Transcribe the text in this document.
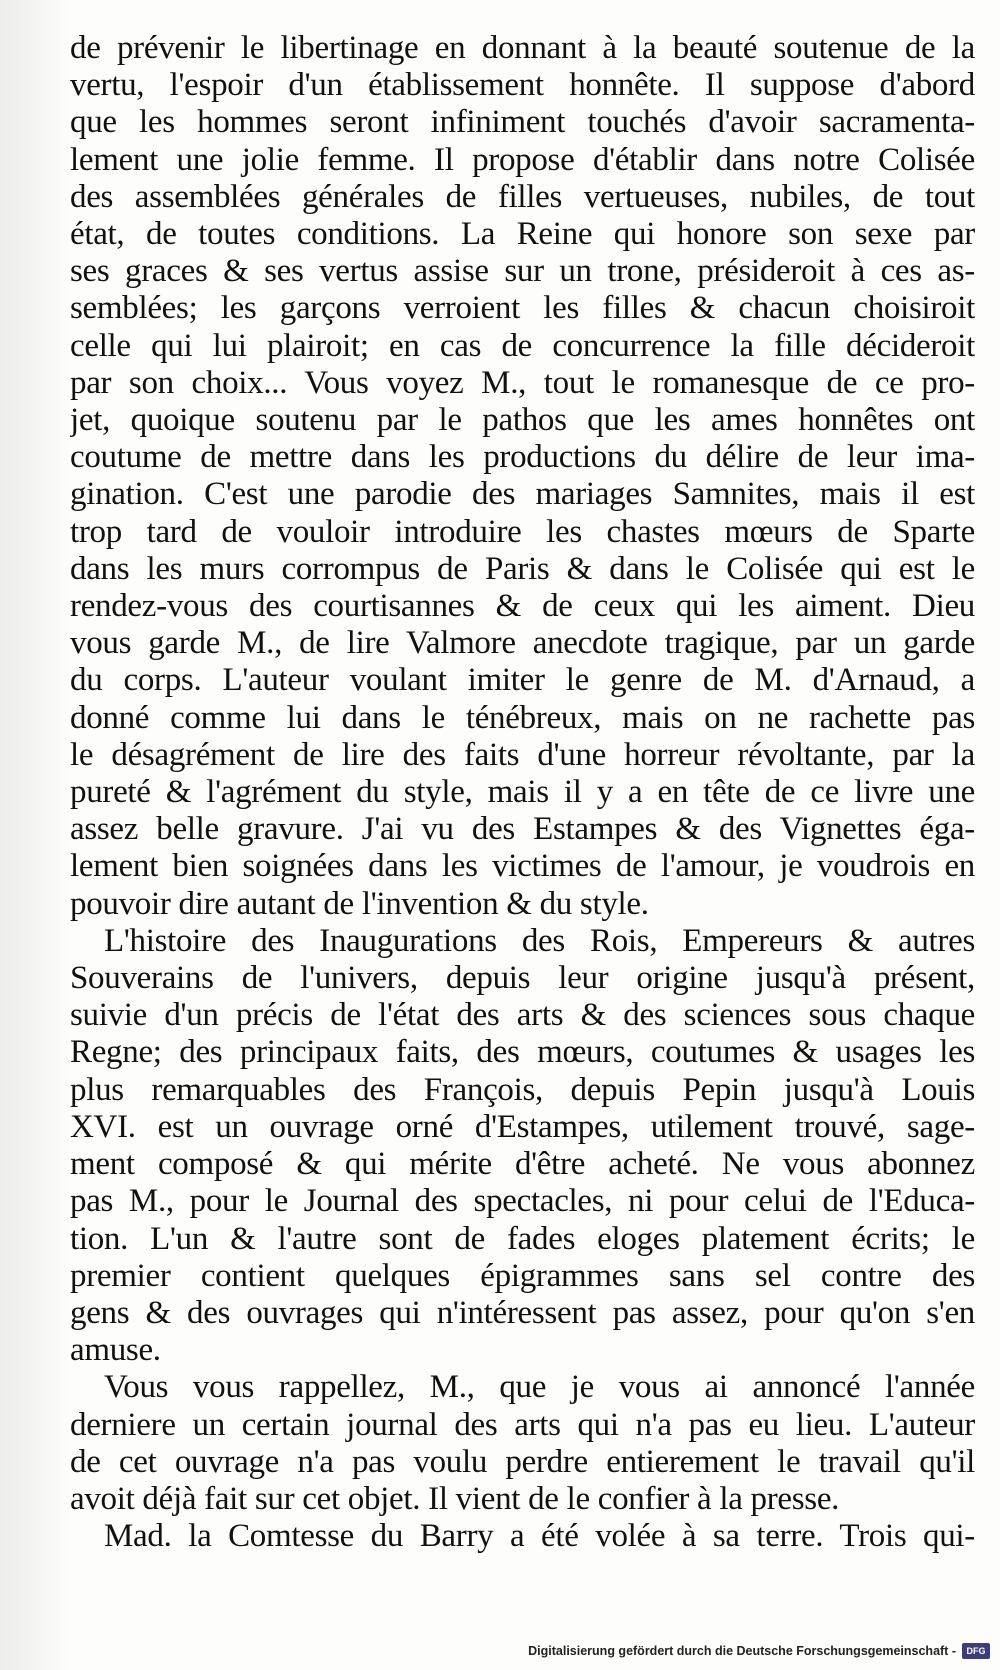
de prévenir le libertinage en donnant à la beauté soutenue de la
vertu, l'espoir d'un établissement honnête. Il suppose d'abord
que les hommes seront infiniment touchés d'avoir sacramenta-
lement une jolie femme. Il propose d'établir dans notre Colisée
des assemblées générales de filles vertueuses, nubiles, de tout
état, de toutes conditions. La Reine qui honore son sexe par
ses graces & ses vertus assise sur un trone, présideroit à ces as-
semblées; les garçons verroient les filles & chacun choisiroit
celle qui lui plairoit; en cas de concurrence la fille décideroit
par son choix... Vous voyez M., tout le romanesque de ce pro-
jet, quoique soutenu par le pathos que les ames honnêtes ont
coutume de mettre dans les productions du délire de leur ima-
gination. C'est une parodie des mariages Samnites, mais il est
trop tard de vouloir introduire les chastes mœurs de Sparte
dans les murs corrompus de Paris & dans le Colisée qui est le
rendez-vous des courtisannes & de ceux qui les aiment. Dieu
vous garde M., de lire Valmore anecdote tragique, par un garde
du corps. L'auteur voulant imiter le genre de M. d'Arnaud, a
donné comme lui dans le ténébreux, mais on ne rachette pas
le désagrément de lire des faits d'une horreur révoltante, par la
pureté & l'agrément du style, mais il y a en tête de ce livre une
assez belle gravure. J'ai vu des Estampes & des Vignettes éga-
lement bien soignées dans les victimes de l'amour, je voudrois en
pouvoir dire autant de l'invention & du style.
L'histoire des Inaugurations des Rois, Empereurs & autres
Souverains de l'univers, depuis leur origine jusqu'à présent,
suivie d'un précis de l'état des arts & des sciences sous chaque
Regne; des principaux faits, des mœurs, coutumes & usages les
plus remarquables des François, depuis Pepin jusqu'à Louis
XVI. est un ouvrage orné d'Estampes, utilement trouvé, sage-
ment composé & qui mérite d'être acheté. Ne vous abonnez
pas M., pour le Journal des spectacles, ni pour celui de l'Educa-
tion. L'un & l'autre sont de fades eloges platement écrits; le
premier contient quelques épigrammes sans sel contre des
gens & des ouvrages qui n'intéressent pas assez, pour qu'on s'en
amuse.
Vous vous rappellez, M., que je vous ai annoncé l'année
derniere un certain journal des arts qui n'a pas eu lieu. L'auteur
de cet ouvrage n'a pas voulu perdre entierement le travail qu'il
avoit déjà fait sur cet objet. Il vient de le confier à la presse.
Mad. la Comtesse du Barry a été volée à sa terre. Trois qui-
Digitalisierung gefördert durch die Deutsche Forschungsgemeinschaft -	DFG
